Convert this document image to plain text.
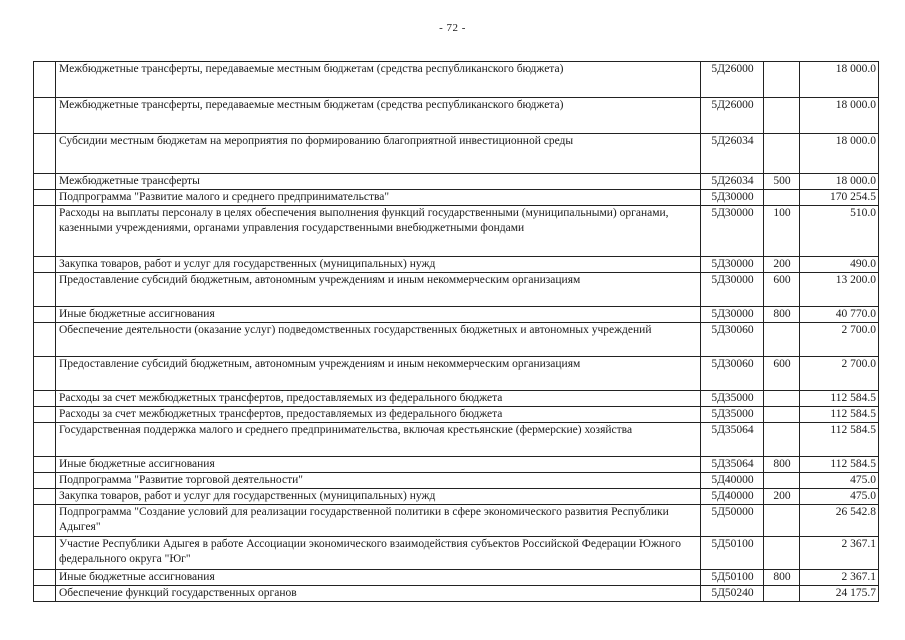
- 72 -
	Межбюджетные трансферты, передаваемые местным бюджетам (средства республиканского бюджета)	5Д26000		18 000.0
	Межбюджетные трансферты, передаваемые местным бюджетам (средства республиканского бюджета)	5Д26000		18 000.0
	Субсидии местным бюджетам на мероприятия по формированию благоприятной инвестиционной среды	5Д26034		18 000.0
	Межбюджетные трансферты	5Д26034	500	18 000.0
	Подпрограмма "Развитие малого и среднего предпринимательства"	5Д30000		170 254.5
	Расходы на выплаты персоналу в целях обеспечения выполнения функций государственными (муниципальными) органами, казенными учреждениями, органами управления государственными внебюджетными фондами	5Д30000	100	510.0
	Закупка товаров, работ и услуг для государственных (муниципальных) нужд	5Д30000	200	490.0
	Предоставление субсидий бюджетным, автономным учреждениям и иным некоммерческим организациям	5Д30000	600	13 200.0
	Иные бюджетные ассигнования	5Д30000	800	40 770.0
	Обеспечение деятельности (оказание услуг) подведомственных государственных бюджетных и автономных учреждений	5Д30060		2 700.0
	Предоставление субсидий бюджетным, автономным учреждениям и иным некоммерческим организациям	5Д30060	600	2 700.0
	Расходы за счет межбюджетных трансфертов, предоставляемых из федерального бюджета	5Д35000		112 584.5
	Расходы за счет межбюджетных трансфертов, предоставляемых из федерального бюджета	5Д35000		112 584.5
	Государственная поддержка малого и среднего предпринимательства, включая крестьянские (фермерские) хозяйства	5Д35064		112 584.5
	Иные бюджетные ассигнования	5Д35064	800	112 584.5
	Подпрограмма "Развитие торговой деятельности"	5Д40000		475.0
	Закупка товаров, работ и услуг для государственных (муниципальных) нужд	5Д40000	200	475.0
	Подпрограмма "Создание условий для реализации государственной политики в сфере экономического развития Республики Адыгея"	5Д50000		26 542.8
	Участие Республики Адыгея в работе Ассоциации экономического взаимодействия субъектов Российской Федерации Южного федерального округа "Юг"	5Д50100		2 367.1
	Иные бюджетные ассигнования	5Д50100	800	2 367.1
	Обеспечение функций государственных органов	5Д50240		24 175.7
